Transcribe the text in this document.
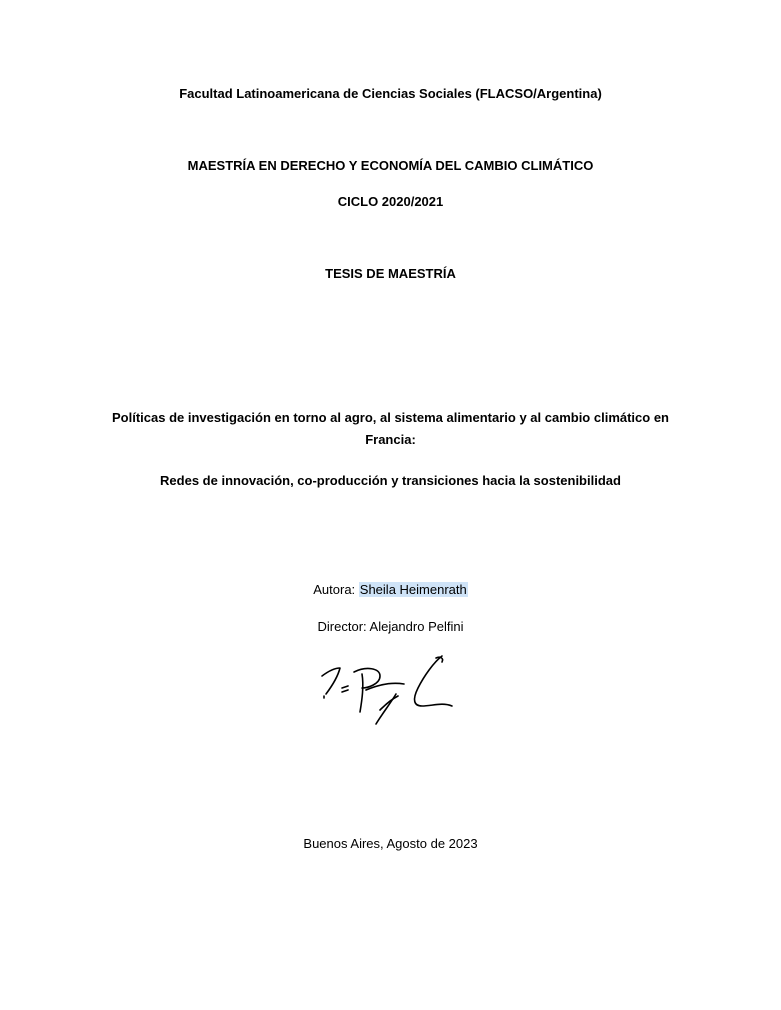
Facultad Latinoamericana de Ciencias Sociales (FLACSO/Argentina)
MAESTRÍA EN DERECHO Y ECONOMÍA DEL CAMBIO CLIMÁTICO
CICLO 2020/2021
TESIS DE MAESTRÍA
Políticas de investigación en torno al agro, al sistema alimentario y al cambio climático en Francia:
Redes de innovación, co-producción y transiciones hacia la sostenibilidad
Autora: Sheila Heimenrath
Director: Alejandro Pelfini
Buenos Aires, Agosto de 2023
